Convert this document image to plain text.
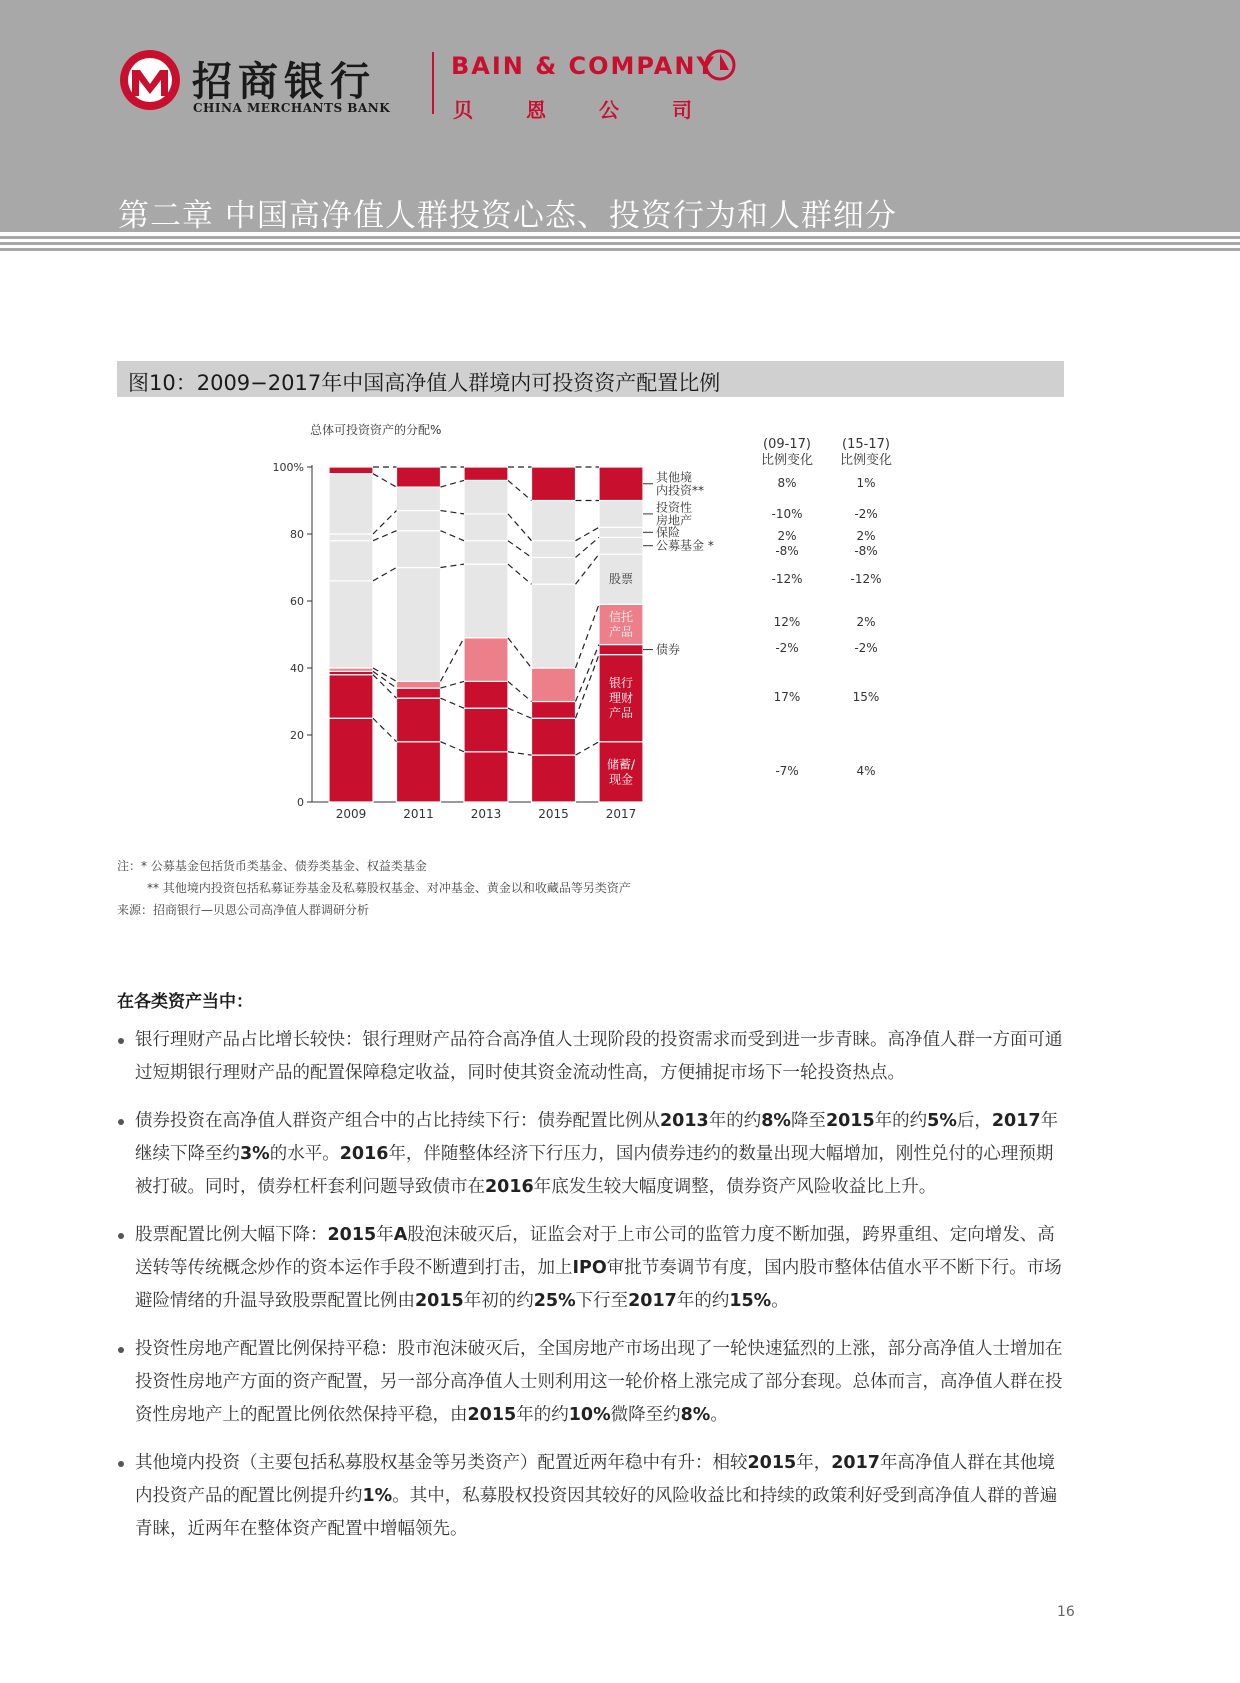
招商银行
CHINA MERCHANTS BANK
BAIN & COMPANY
贝	恩	公	司
第二章 中国高净值人群投资心态、投资行为和人群细分
图10：2009−2017年中国高净值人群境内可投资资产配置比例
总体可投资资产的分配%
100%
80
60
40
20
0
2009	2011	2013	2015	2017
储蓄/现金
银行理财产品
信托产品
股票
其他境内投资**
投资性房地产
保险
公募基金 *
债券
(09-17)比例变化
(15-17)比例变化
8%	1%
-10%	-2%
2%	2%
-8%	-8%
-12%	-12%
12%	2%
-2%	-2%
17%	15%
-7%	4%
注：* 公募基金包括货币类基金、债券类基金、权益类基金
** 其他境内投资包括私募证券基金及私募股权基金、对冲基金、黄金以和收藏品等另类资产
来源：招商银行—贝恩公司高净值人群调研分析
在各类资产当中：
银行理财产品占比增长较快：银行理财产品符合高净值人士现阶段的投资需求而受到进一步青睐。高净值人群一方面可通过短期银行理财产品的配置保障稳定收益，同时使其资金流动性高，方便捕捉市场下一轮投资热点。
债券投资在高净值人群资产组合中的占比持续下行：债券配置比例从2013年的约8%降至2015年的约5%后，2017年继续下降至约3%的水平。2016年，伴随整体经济下行压力，国内债券违约的数量出现大幅增加，刚性兑付的心理预期被打破。同时，债券杠杆套利问题导致债市在2016年底发生较大幅度调整，债券资产风险收益比上升。
股票配置比例大幅下降：2015年A股泡沫破灭后，证监会对于上市公司的监管力度不断加强，跨界重组、定向增发、高送转等传统概念炒作的资本运作手段不断遭到打击，加上IPO审批节奏调节有度，国内股市整体估值水平不断下行。市场避险情绪的升温导致股票配置比例由2015年初的约25%下行至2017年的约15%。
投资性房地产配置比例保持平稳：股市泡沫破灭后，全国房地产市场出现了一轮快速猛烈的上涨，部分高净值人士增加在投资性房地产方面的资产配置，另一部分高净值人士则利用这一轮价格上涨完成了部分套现。总体而言，高净值人群在投资性房地产上的配置比例依然保持平稳，由2015年的约10%微降至约8%。
其他境内投资（主要包括私募股权基金等另类资产）配置近两年稳中有升：相较2015年，2017年高净值人群在其他境内投资产品的配置比例提升约1%。其中，私募股权投资因其较好的风险收益比和持续的政策利好受到高净值人群的普遍青睐，近两年在整体资产配置中增幅领先。
16
